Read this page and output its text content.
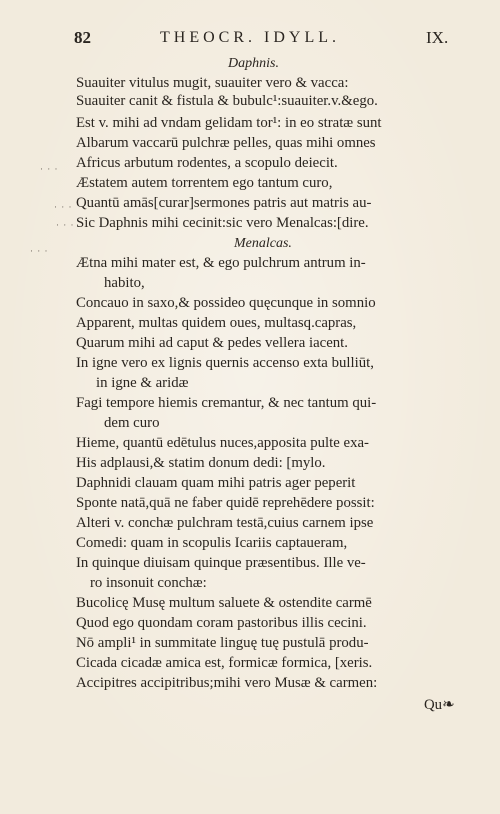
82	THEOCR. IDYLL.	IX.
Daphnis.
· · ·
· · ·
· · ·
· · ·
Suauiter vitulus mugit, suauiter vero & vacca:
Suauiter canit & fistula & bubulc¹:suauiter.v.&ego.
Est v. mihi ad vndam gelidam tor¹: in eo stratæ sunt
Albarum vaccarū pulchræ pelles, quas mihi omnes
Africus arbutum rodentes, a scopulo deiecit.
Æstatem autem torrentem ego tantum curo,
Quantū amās[curar]sermones patris aut matris au-
Sic Daphnis mihi cecinit:sic vero Menalcas:[dire.
Menalcas.
Ætna mihi mater est, & ego pulchrum antrum in-
habito,
Concauo in saxo,& possideo quęcunque in somnio
Apparent, multas quidem oues, multasq.capras,
Quarum mihi ad caput & pedes vellera iacent.
In igne vero ex lignis quernis accenso exta bulliūt,
in igne & aridæ
Fagi tempore hiemis cremantur, & nec tantum qui-
dem curo
Hieme, quantū edētulus nuces,apposita pulte exa-
His adplausi,& statim donum dedi: [mylo.
Daphnidi clauam quam mihi patris ager peperit
Sponte natā,quā ne faber quidē reprehēdere possit:
Alteri v. conchæ pulchram testā,cuius carnem ipse
Comedi: quam in scopulis Icariis captaueram,
In quinque diuisam quinque præsentibus. Ille ve-
ro insonuit conchæ:
Bucolicę Musę multum saluete & ostendite carmē
Quod ego quondam coram pastoribus illis cecini.
Nō ampli¹ in summitate linguę tuę pustulā produ-
Cicada cicadæ amica est, formicæ formica, [xeris.
Accipitres accipitribus;mihi vero Musæ & carmen:
Qu❧
